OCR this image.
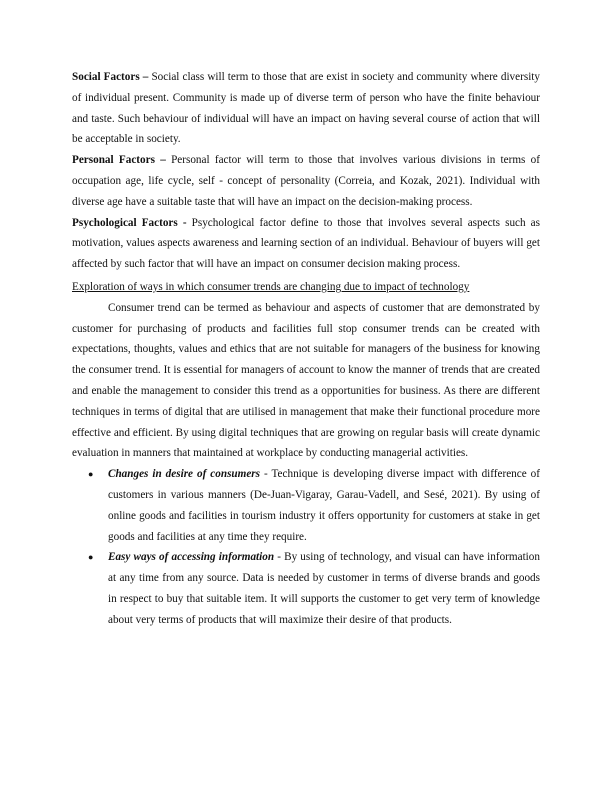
Social Factors – Social class will term to those that are exist in society and community where diversity of individual present. Community is made up of diverse term of person who have the finite behaviour and taste. Such behaviour of individual will have an impact on having several course of action that will be acceptable in society.

Personal Factors – Personal factor will term to those that involves various divisions in terms of occupation age, life cycle, self - concept of personality (Correia, and Kozak, 2021). Individual with diverse age have a suitable taste that will have an impact on the decision-making process.

Psychological Factors - Psychological factor define to those that involves several aspects such as motivation, values aspects awareness and learning section of an individual. Behaviour of buyers will get affected by such factor that will have an impact on consumer decision making process.

Exploration of ways in which consumer trends are changing due to impact of technology

Consumer trend can be termed as behaviour and aspects of customer that are demonstrated by customer for purchasing of products and facilities full stop consumer trends can be created with expectations, thoughts, values and ethics that are not suitable for managers of the business for knowing the consumer trend. It is essential for managers of account to know the manner of trends that are created and enable the management to consider this trend as a opportunities for business. As there are different techniques in terms of digital that are utilised in management that make their functional procedure more effective and efficient. By using digital techniques that are growing on regular basis will create dynamic evaluation in manners that maintained at workplace by conducting managerial activities.

● Changes in desire of consumers - Technique is developing diverse impact with difference of customers in various manners (De-Juan-Vigaray, Garau-Vadell, and Sesé, 2021). By using of online goods and facilities in tourism industry it offers opportunity for customers at stake in get goods and facilities at any time they require.
● Easy ways of accessing information - By using of technology, and visual can have information at any time from any source. Data is needed by customer in terms of diverse brands and goods in respect to buy that suitable item. It will supports the customer to get very term of knowledge about very terms of products that will maximize their desire of that products.
